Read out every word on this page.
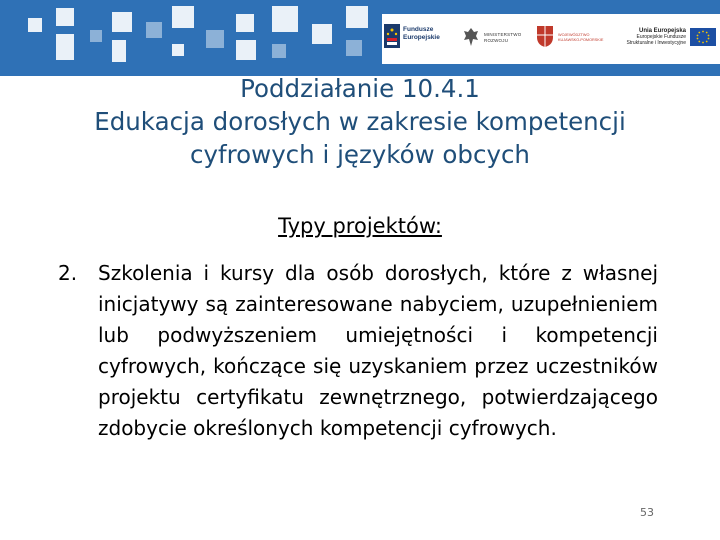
Fundusze
Europejskie	MINISTERSTWO
ROZWOJU
WOJEWÓDZTWO
KUJAWSKO-POMORSKIE
Unia Europejska
Europejskie Fundusze
Strukturalne i Inwestycyjne
Poddziałanie 10.4.1
Edukacja dorosłych w zakresie kompetencji
cyfrowych i języków obcych
Typy projektów:
2. Szkolenia i kursy dla osób dorosłych, które z własnej inicjatywy są zainteresowane nabyciem, uzupełnieniem lub podwyższeniem umiejętności i kompetencji cyfrowych, kończące się uzyskaniem przez uczestników projektu certyfikatu zewnętrznego, potwierdzającego zdobycie określonych kompetencji cyfrowych.
53
